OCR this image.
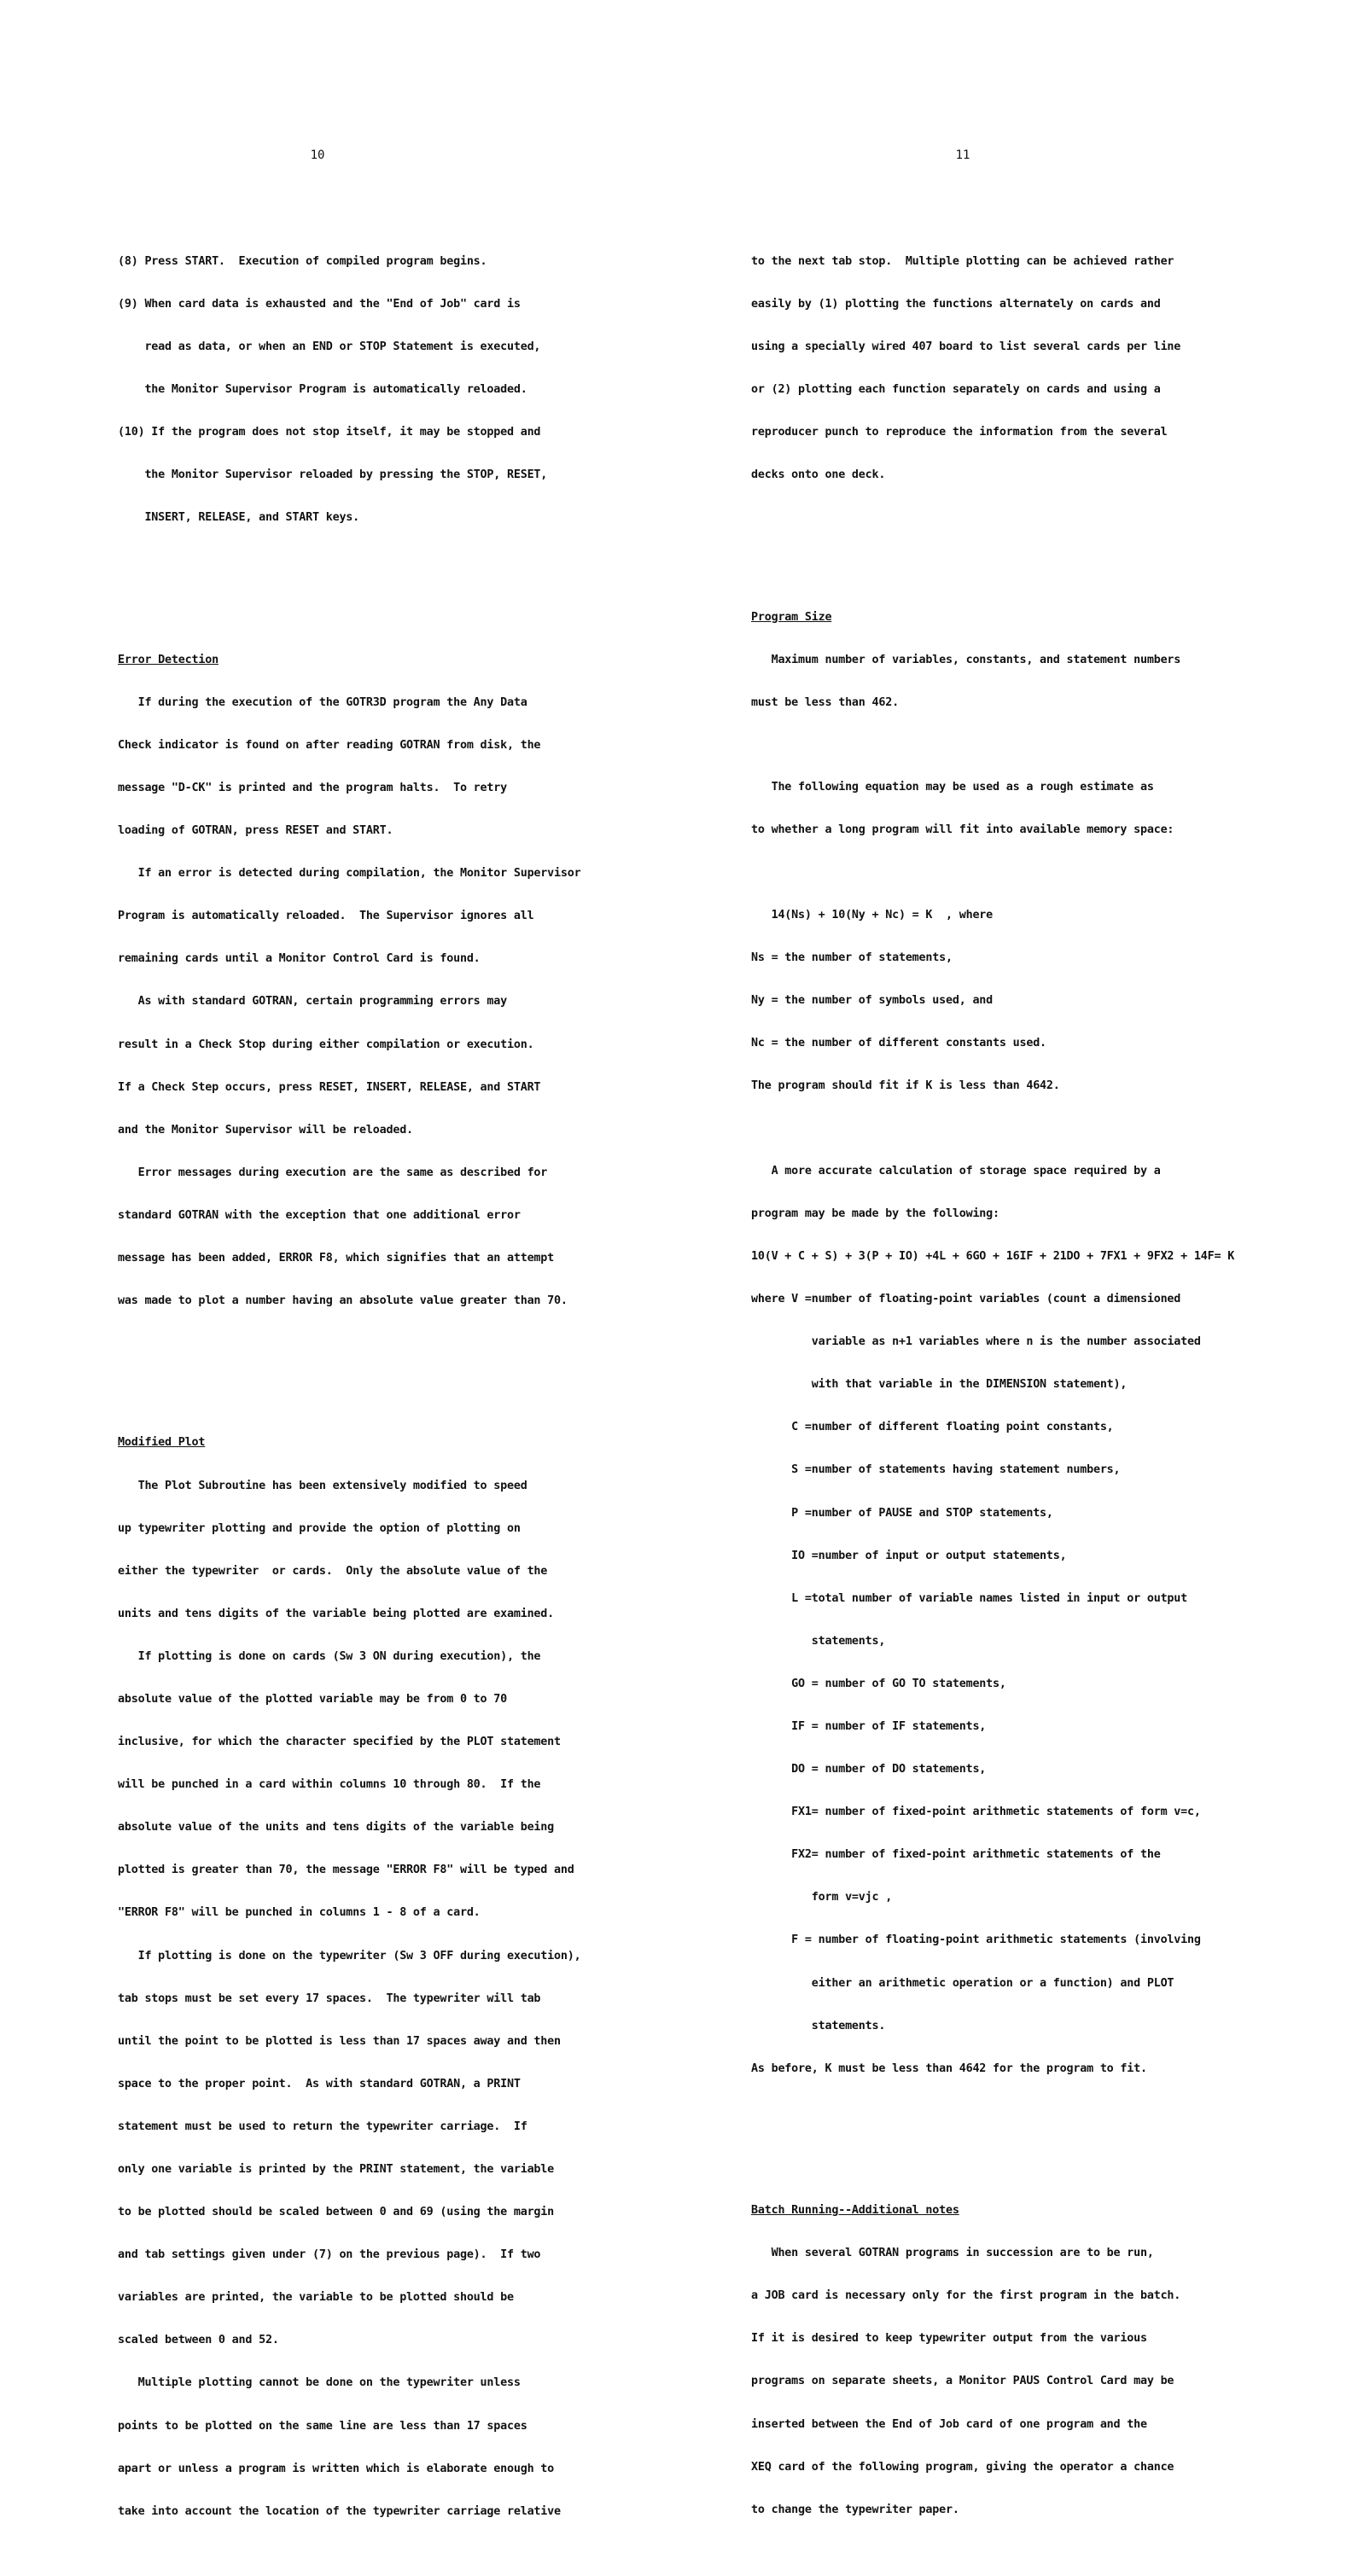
10

(8) Press START.  Execution of compiled program begins.

(9) When card data is exhausted and the "End of Job" card is

read as data, or when an END or STOP Statement is executed,

the Monitor Supervisor Program is automatically reloaded.

(10) If the program does not stop itself, it may be stopped and

the Monitor Supervisor reloaded by pressing the STOP, RESET,

INSERT, RELEASE, and START keys.

Error Detection

If during the execution of the GOTR3D program the Any Data

Check indicator is found on after reading GOTRAN from disk, the

message "D-CK" is printed and the program halts.  To retry

loading of GOTRAN, press RESET and START.

If an error is detected during compilation, the Monitor Supervisor

Program is automatically reloaded.  The Supervisor ignores all

remaining cards until a Monitor Control Card is found.

As with standard GOTRAN, certain programming errors may

result in a Check Stop during either compilation or execution.

If a Check Step occurs, press RESET, INSERT, RELEASE, and START

and the Monitor Supervisor will be reloaded.

Error messages during execution are the same as described for

standard GOTRAN with the exception that one additional error

message has been added, ERROR F8, which signifies that an attempt

was made to plot a number having an absolute value greater than 70.

Modified Plot

The Plot Subroutine has been extensively modified to speed

up typewriter plotting and provide the option of plotting on

either the typewriter  or cards.  Only the absolute value of the

units and tens digits of the variable being plotted are examined.

If plotting is done on cards (Sw 3 ON during execution), the

absolute value of the plotted variable may be from 0 to 70

inclusive, for which the character specified by the PLOT statement

will be punched in a card within columns 10 through 80.  If the

absolute value of the units and tens digits of the variable being

plotted is greater than 70, the message "ERROR F8" will be typed and

"ERROR F8" will be punched in columns 1 - 8 of a card.

If plotting is done on the typewriter (Sw 3 OFF during execution),

tab stops must be set every 17 spaces.  The typewriter will tab

until the point to be plotted is less than 17 spaces away and then

space to the proper point.  As with standard GOTRAN, a PRINT

statement must be used to return the typewriter carriage.  If

only one variable is printed by the PRINT statement, the variable

to be plotted should be scaled between 0 and 69 (using the margin

and tab settings given under (7) on the previous page).  If two

variables are printed, the variable to be plotted should be

scaled between 0 and 52.

Multiple plotting cannot be done on the typewriter unless

points to be plotted on the same line are less than 17 spaces

apart or unless a program is written which is elaborate enough to

take into account the location of the typewriter carriage relative

11

to the next tab stop.  Multiple plotting can be achieved rather

easily by (1) plotting the functions alternately on cards and

using a specially wired 407 board to list several cards per line

or (2) plotting each function separately on cards and using a

reproducer punch to reproduce the information from the several

decks onto one deck.

Program Size

Maximum number of variables, constants, and statement numbers

must be less than 462.

The following equation may be used as a rough estimate as

to whether a long program will fit into available memory space:

14(Ns) + 10(Ny + Nc) = K  , where

Ns = the number of statements,

Ny = the number of symbols used, and

Nc = the number of different constants used.

The program should fit if K is less than 4642.

A more accurate calculation of storage space required by a

program may be made by the following:

10(V + C + S) + 3(P + IO) +4L + 6GO + 16IF + 21DO + 7FX1 + 9FX2 + 14F= K

where V =number of floating-point variables (count a dimensioned

variable as n+1 variables where n is the number associated

with that variable in the DIMENSION statement),

C =number of different floating point constants,

S =number of statements having statement numbers,

P =number of PAUSE and STOP statements,

IO =number of input or output statements,

L =total number of variable names listed in input or output

statements,

GO = number of GO TO statements,

IF = number of IF statements,

DO = number of DO statements,

FX1= number of fixed-point arithmetic statements of form v=c,

FX2= number of fixed-point arithmetic statements of the

form v=vjc ,

F = number of floating-point arithmetic statements (involving

either an arithmetic operation or a function) and PLOT

statements.

As before, K must be less than 4642 for the program to fit.

Batch Running--Additional notes

When several GOTRAN programs in succession are to be run,

a JOB card is necessary only for the first program in the batch.

If it is desired to keep typewriter output from the various

programs on separate sheets, a Monitor PAUS Control Card may be

inserted between the End of Job card of one program and the

XEQ card of the following program, giving the operator a chance

to change the typewriter paper.
